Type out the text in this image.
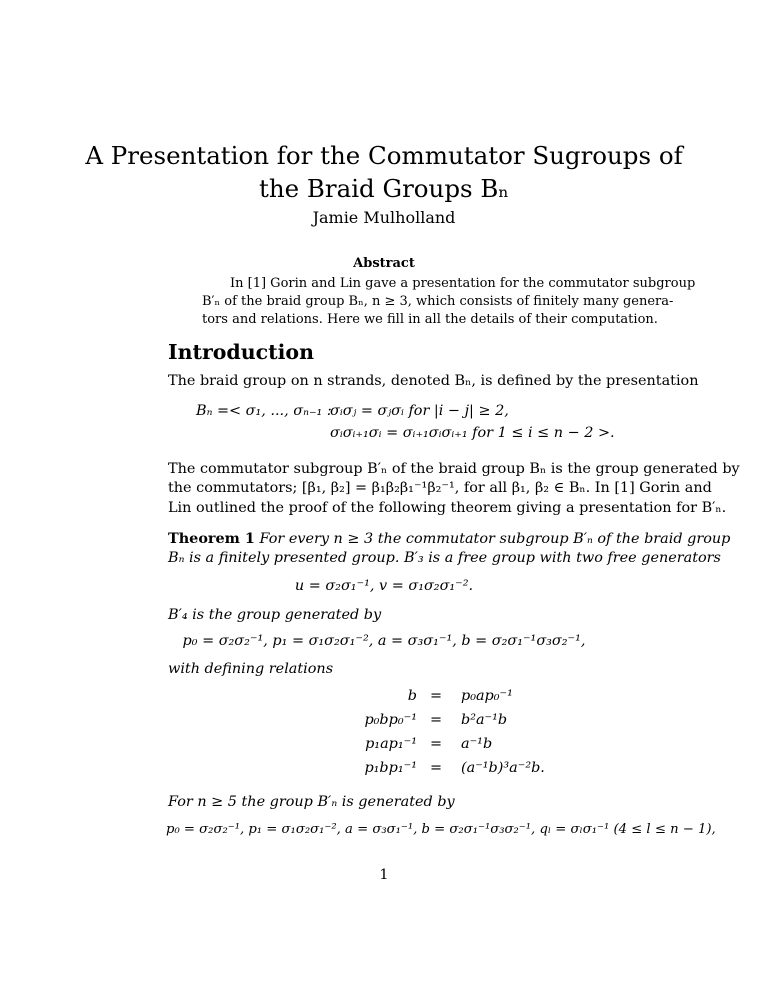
A Presentation for the Commutator Sugroups of
the Braid Groups Bₙ
Jamie Mulholland
Abstract
In [1] Gorin and Lin gave a presentation for the commutator subgroup
B′ₙ of the braid group Bₙ, n ≥ 3, which consists of finitely many genera-
tors and relations. Here we fill in all the details of their computation.
Introduction
The braid group on n strands, denoted Bₙ, is defined by the presentation
Bₙ =< σ₁, ..., σₙ₋₁ :
σᵢσⱼ = σⱼσᵢ for |i − j| ≥ 2,
σᵢσᵢ₊₁σᵢ = σᵢ₊₁σᵢσᵢ₊₁ for 1 ≤ i ≤ n − 2 >.
The commutator subgroup B′ₙ of the braid group Bₙ is the group generated by
the commutators; [β₁, β₂] = β₁β₂β₁⁻¹β₂⁻¹, for all β₁, β₂ ∈ Bₙ. In [1] Gorin and
Lin outlined the proof of the following theorem giving a presentation for B′ₙ.
Theorem 1 For every n ≥ 3 the commutator subgroup B′ₙ of the braid group
Bₙ is a finitely presented group. B′₃ is a free group with two free generators
u = σ₂σ₁⁻¹, v = σ₁σ₂σ₁⁻².
B′₄ is the group generated by
p₀ = σ₂σ₂⁻¹, p₁ = σ₁σ₂σ₁⁻², a = σ₃σ₁⁻¹, b = σ₂σ₁⁻¹σ₃σ₂⁻¹,
with defining relations
b = p₀ap₀⁻¹
p₀bp₀⁻¹ = b²a⁻¹b
p₁ap₁⁻¹ = a⁻¹b
p₁bp₁⁻¹ = (a⁻¹b)³a⁻²b.
For n ≥ 5 the group B′ₙ is generated by
p₀ = σ₂σ₂⁻¹, p₁ = σ₁σ₂σ₁⁻², a = σ₃σ₁⁻¹, b = σ₂σ₁⁻¹σ₃σ₂⁻¹, qₗ = σₗσ₁⁻¹ (4 ≤ l ≤ n − 1),
1
